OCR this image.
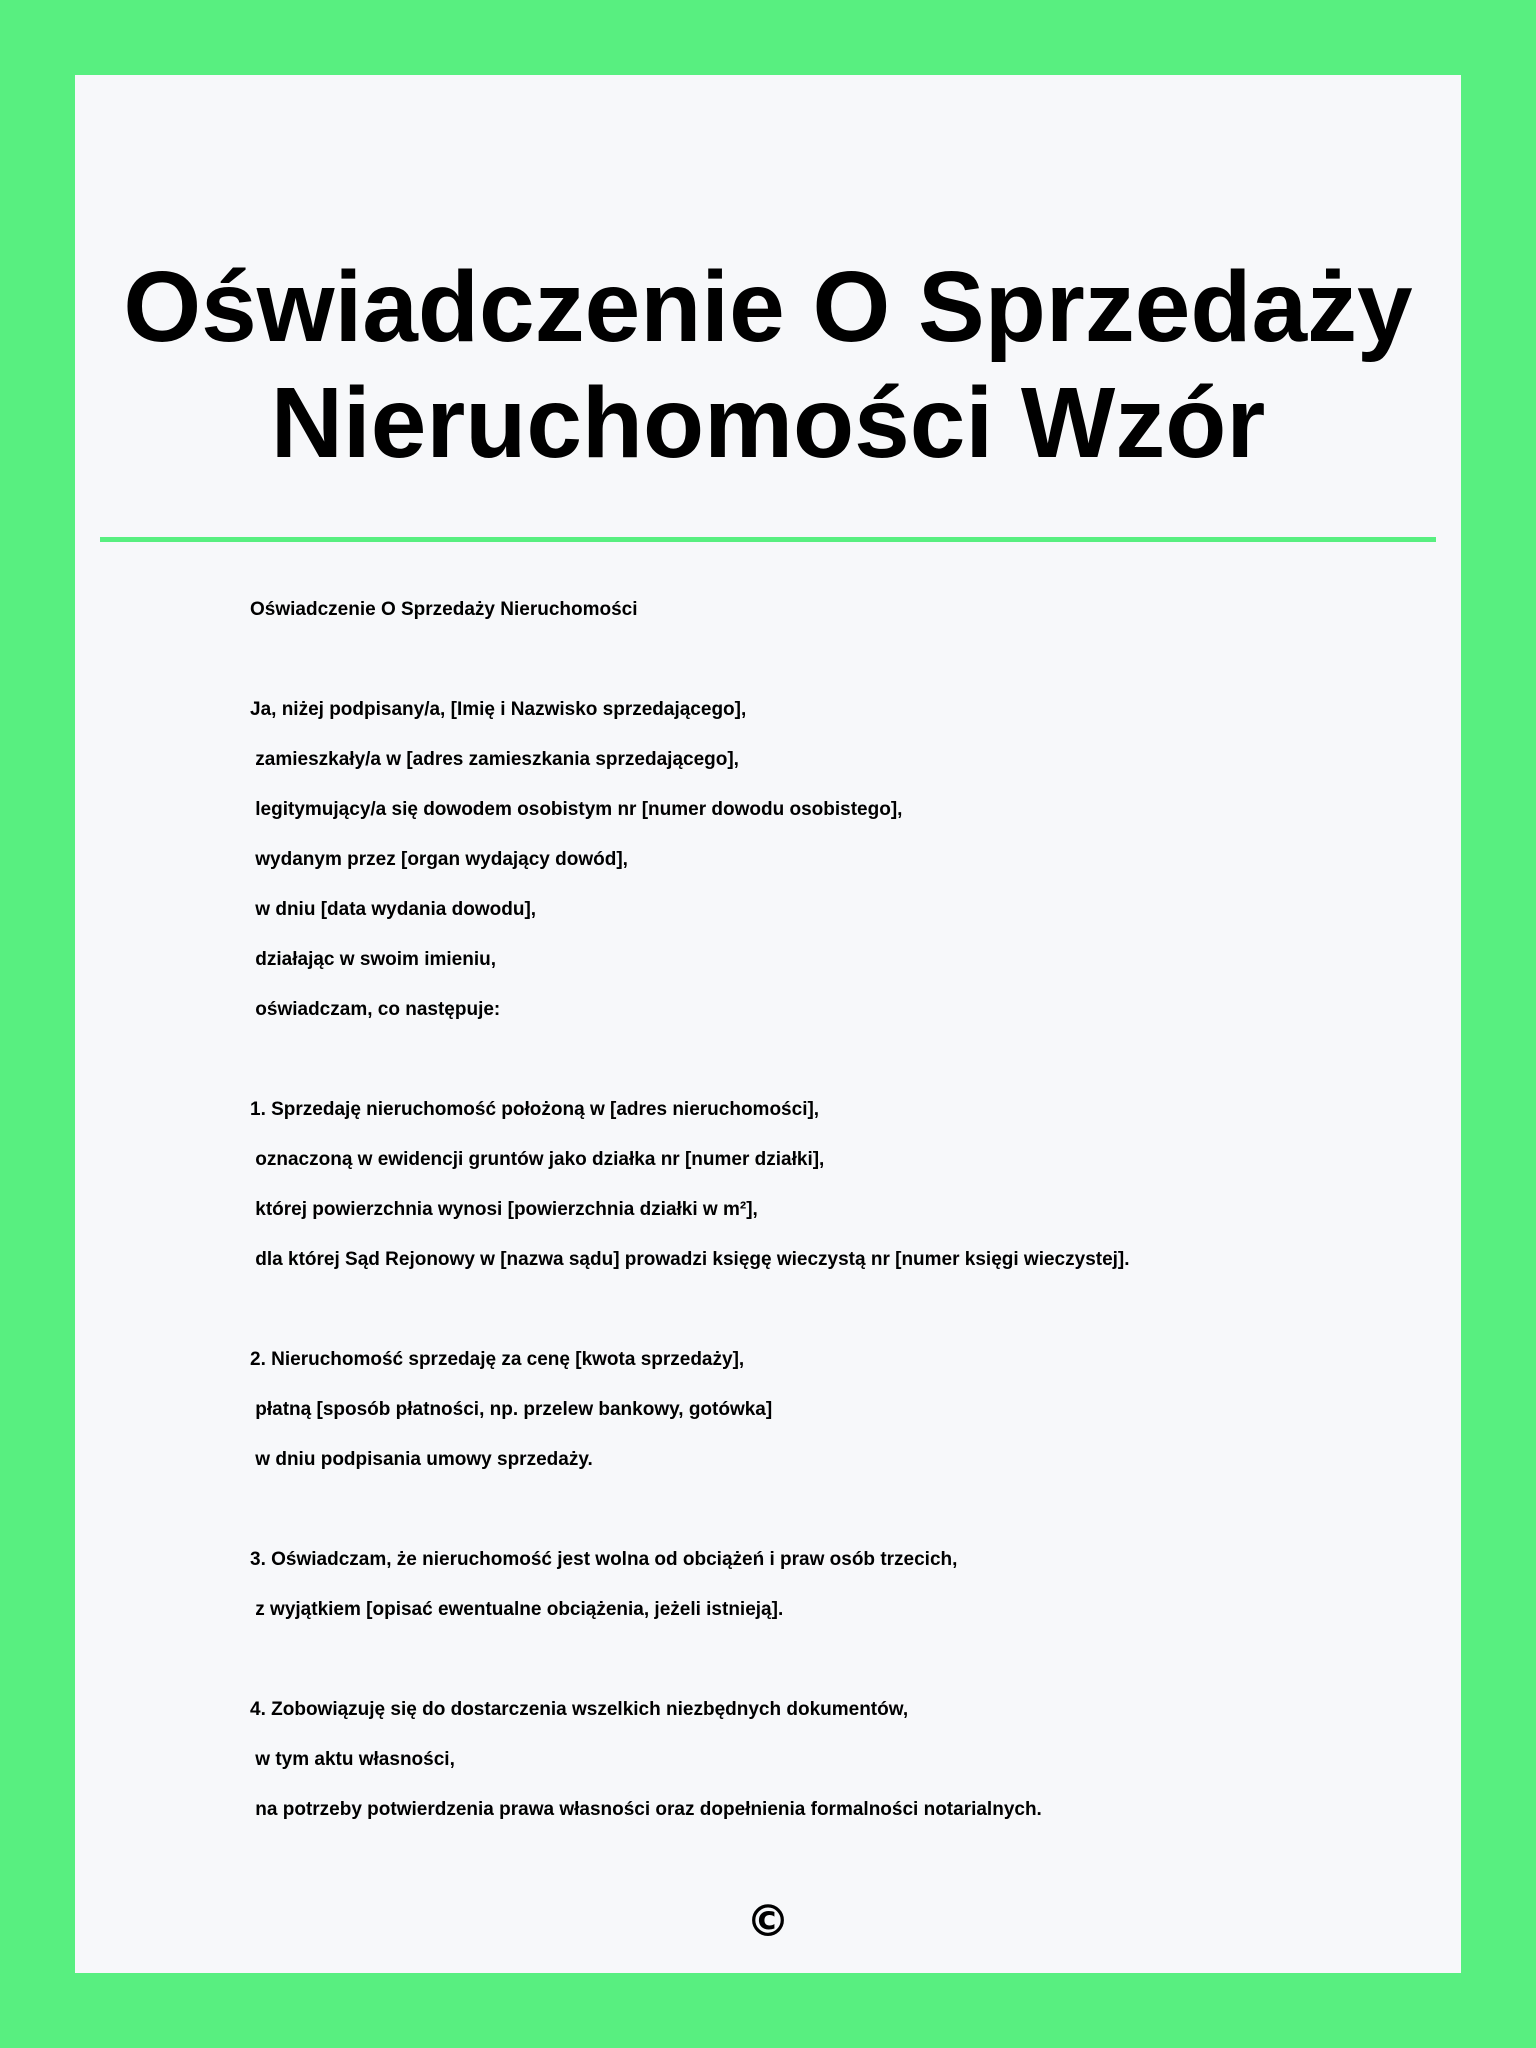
Oświadczenie O Sprzedaży Nieruchomości Wzór
Oświadczenie O Sprzedaży Nieruchomości
Ja, niżej podpisany/a, [Imię i Nazwisko sprzedającego],
zamieszkały/a w [adres zamieszkania sprzedającego],
legitymujący/a się dowodem osobistym nr [numer dowodu osobistego],
wydanym przez [organ wydający dowód],
w dniu [data wydania dowodu],
działając w swoim imieniu,
oświadczam, co następuje:
1. Sprzedaję nieruchomość położoną w [adres nieruchomości],
oznaczoną w ewidencji gruntów jako działka nr [numer działki],
której powierzchnia wynosi [powierzchnia działki w m²],
dla której Sąd Rejonowy w [nazwa sądu] prowadzi księgę wieczystą nr [numer księgi wieczystej].
2. Nieruchomość sprzedaję za cenę [kwota sprzedaży],
płatną [sposób płatności, np. przelew bankowy, gotówka]
w dniu podpisania umowy sprzedaży.
3. Oświadczam, że nieruchomość jest wolna od obciążeń i praw osób trzecich,
z wyjątkiem [opisać ewentualne obciążenia, jeżeli istnieją].
4. Zobowiązuję się do dostarczenia wszelkich niezbędnych dokumentów,
w tym aktu własności,
na potrzeby potwierdzenia prawa własności oraz dopełnienia formalności notarialnych.
©
